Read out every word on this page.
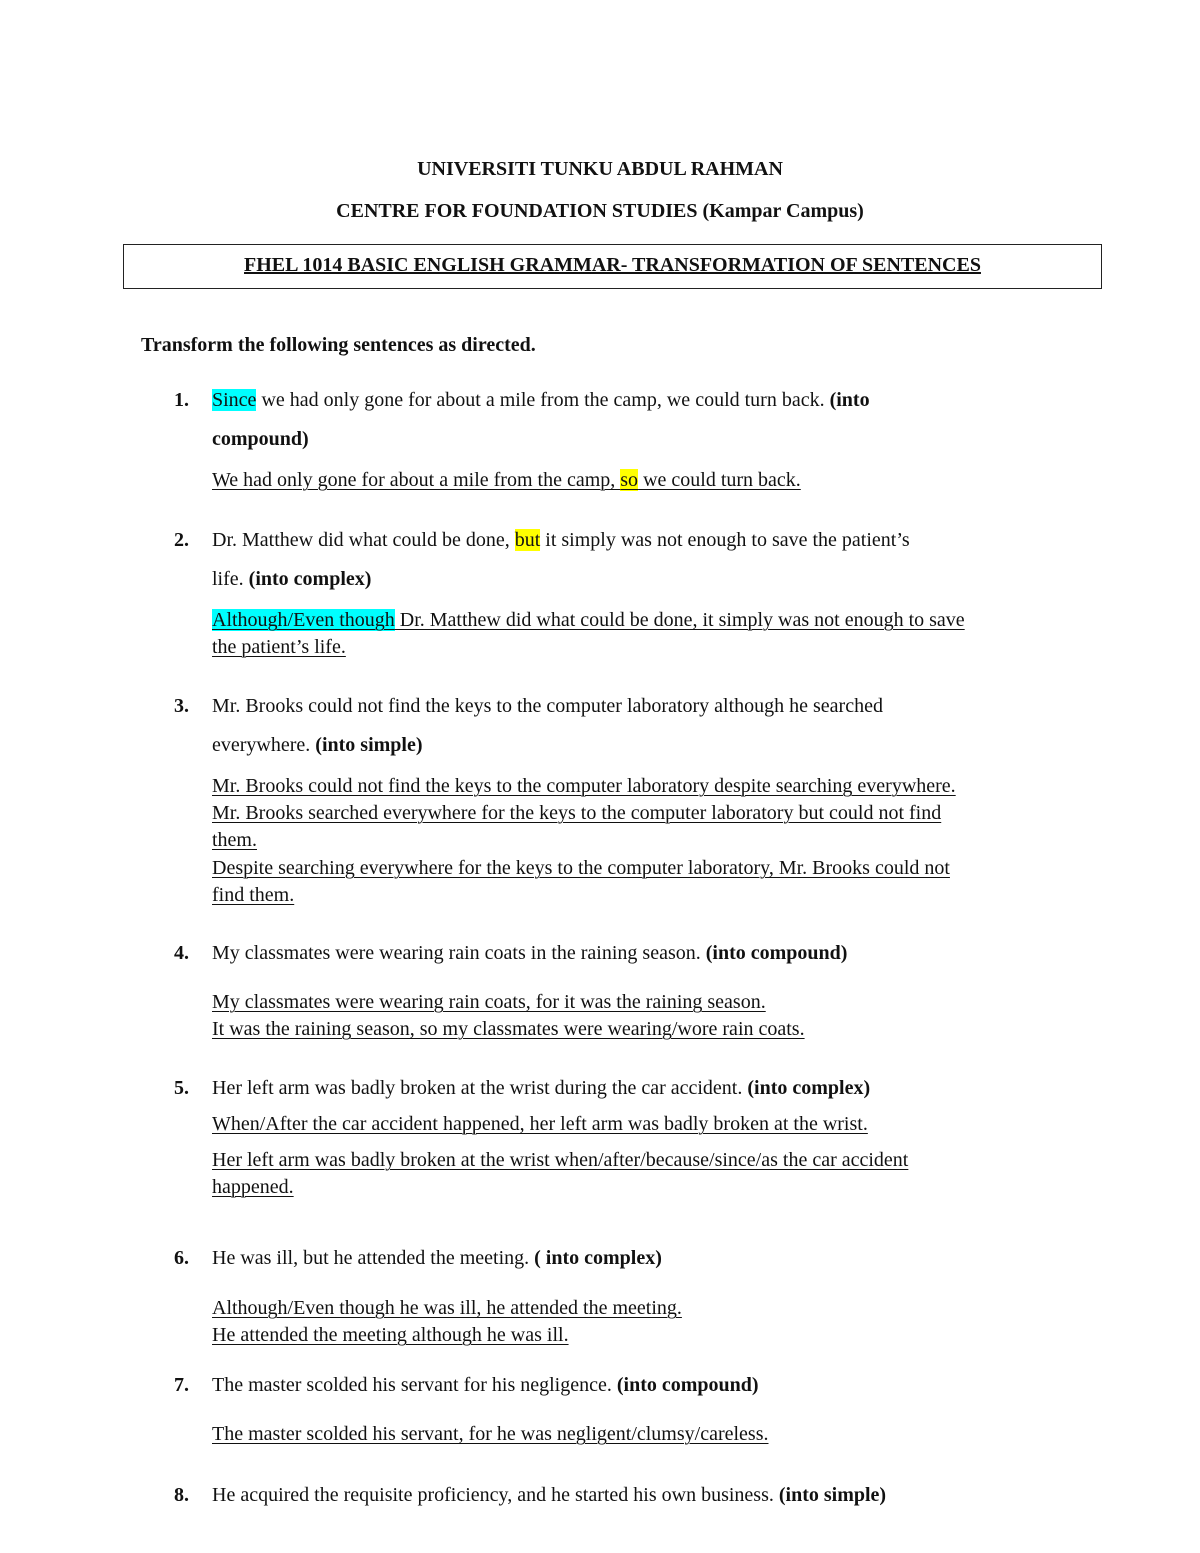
UNIVERSITI TUNKU ABDUL RAHMAN
CENTRE FOR FOUNDATION STUDIES (Kampar Campus)
FHEL 1014 BASIC ENGLISH GRAMMAR- TRANSFORMATION OF SENTENCES
Transform the following sentences as directed.
1. Since we had only gone for about a mile from the camp, we could turn back. (into
compound)
We had only gone for about a mile from the camp, so we could turn back.
2. Dr. Matthew did what could be done, but it simply was not enough to save the patient’s
life. (into complex)
Although/Even though Dr. Matthew did what could be done, it simply was not enough to save
the patient’s life.
3. Mr. Brooks could not find the keys to the computer laboratory although he searched
everywhere. (into simple)
Mr. Brooks could not find the keys to the computer laboratory despite searching everywhere.
Mr. Brooks searched everywhere for the keys to the computer laboratory but could not find
them.
Despite searching everywhere for the keys to the computer laboratory, Mr. Brooks could not
find them.
4. My classmates were wearing rain coats in the raining season. (into compound)
My classmates were wearing rain coats, for it was the raining season.
It was the raining season, so my classmates were wearing/wore rain coats.
5. Her left arm was badly broken at the wrist during the car accident. (into complex)
When/After the car accident happened, her left arm was badly broken at the wrist.
Her left arm was badly broken at the wrist when/after/because/since/as the car accident
happened.
6. He was ill, but he attended the meeting. ( into complex)
Although/Even though he was ill, he attended the meeting.
He attended the meeting although he was ill.
7. The master scolded his servant for his negligence. (into compound)
The master scolded his servant, for he was negligent/clumsy/careless.
8. He acquired the requisite proficiency, and he started his own business. (into simple)
